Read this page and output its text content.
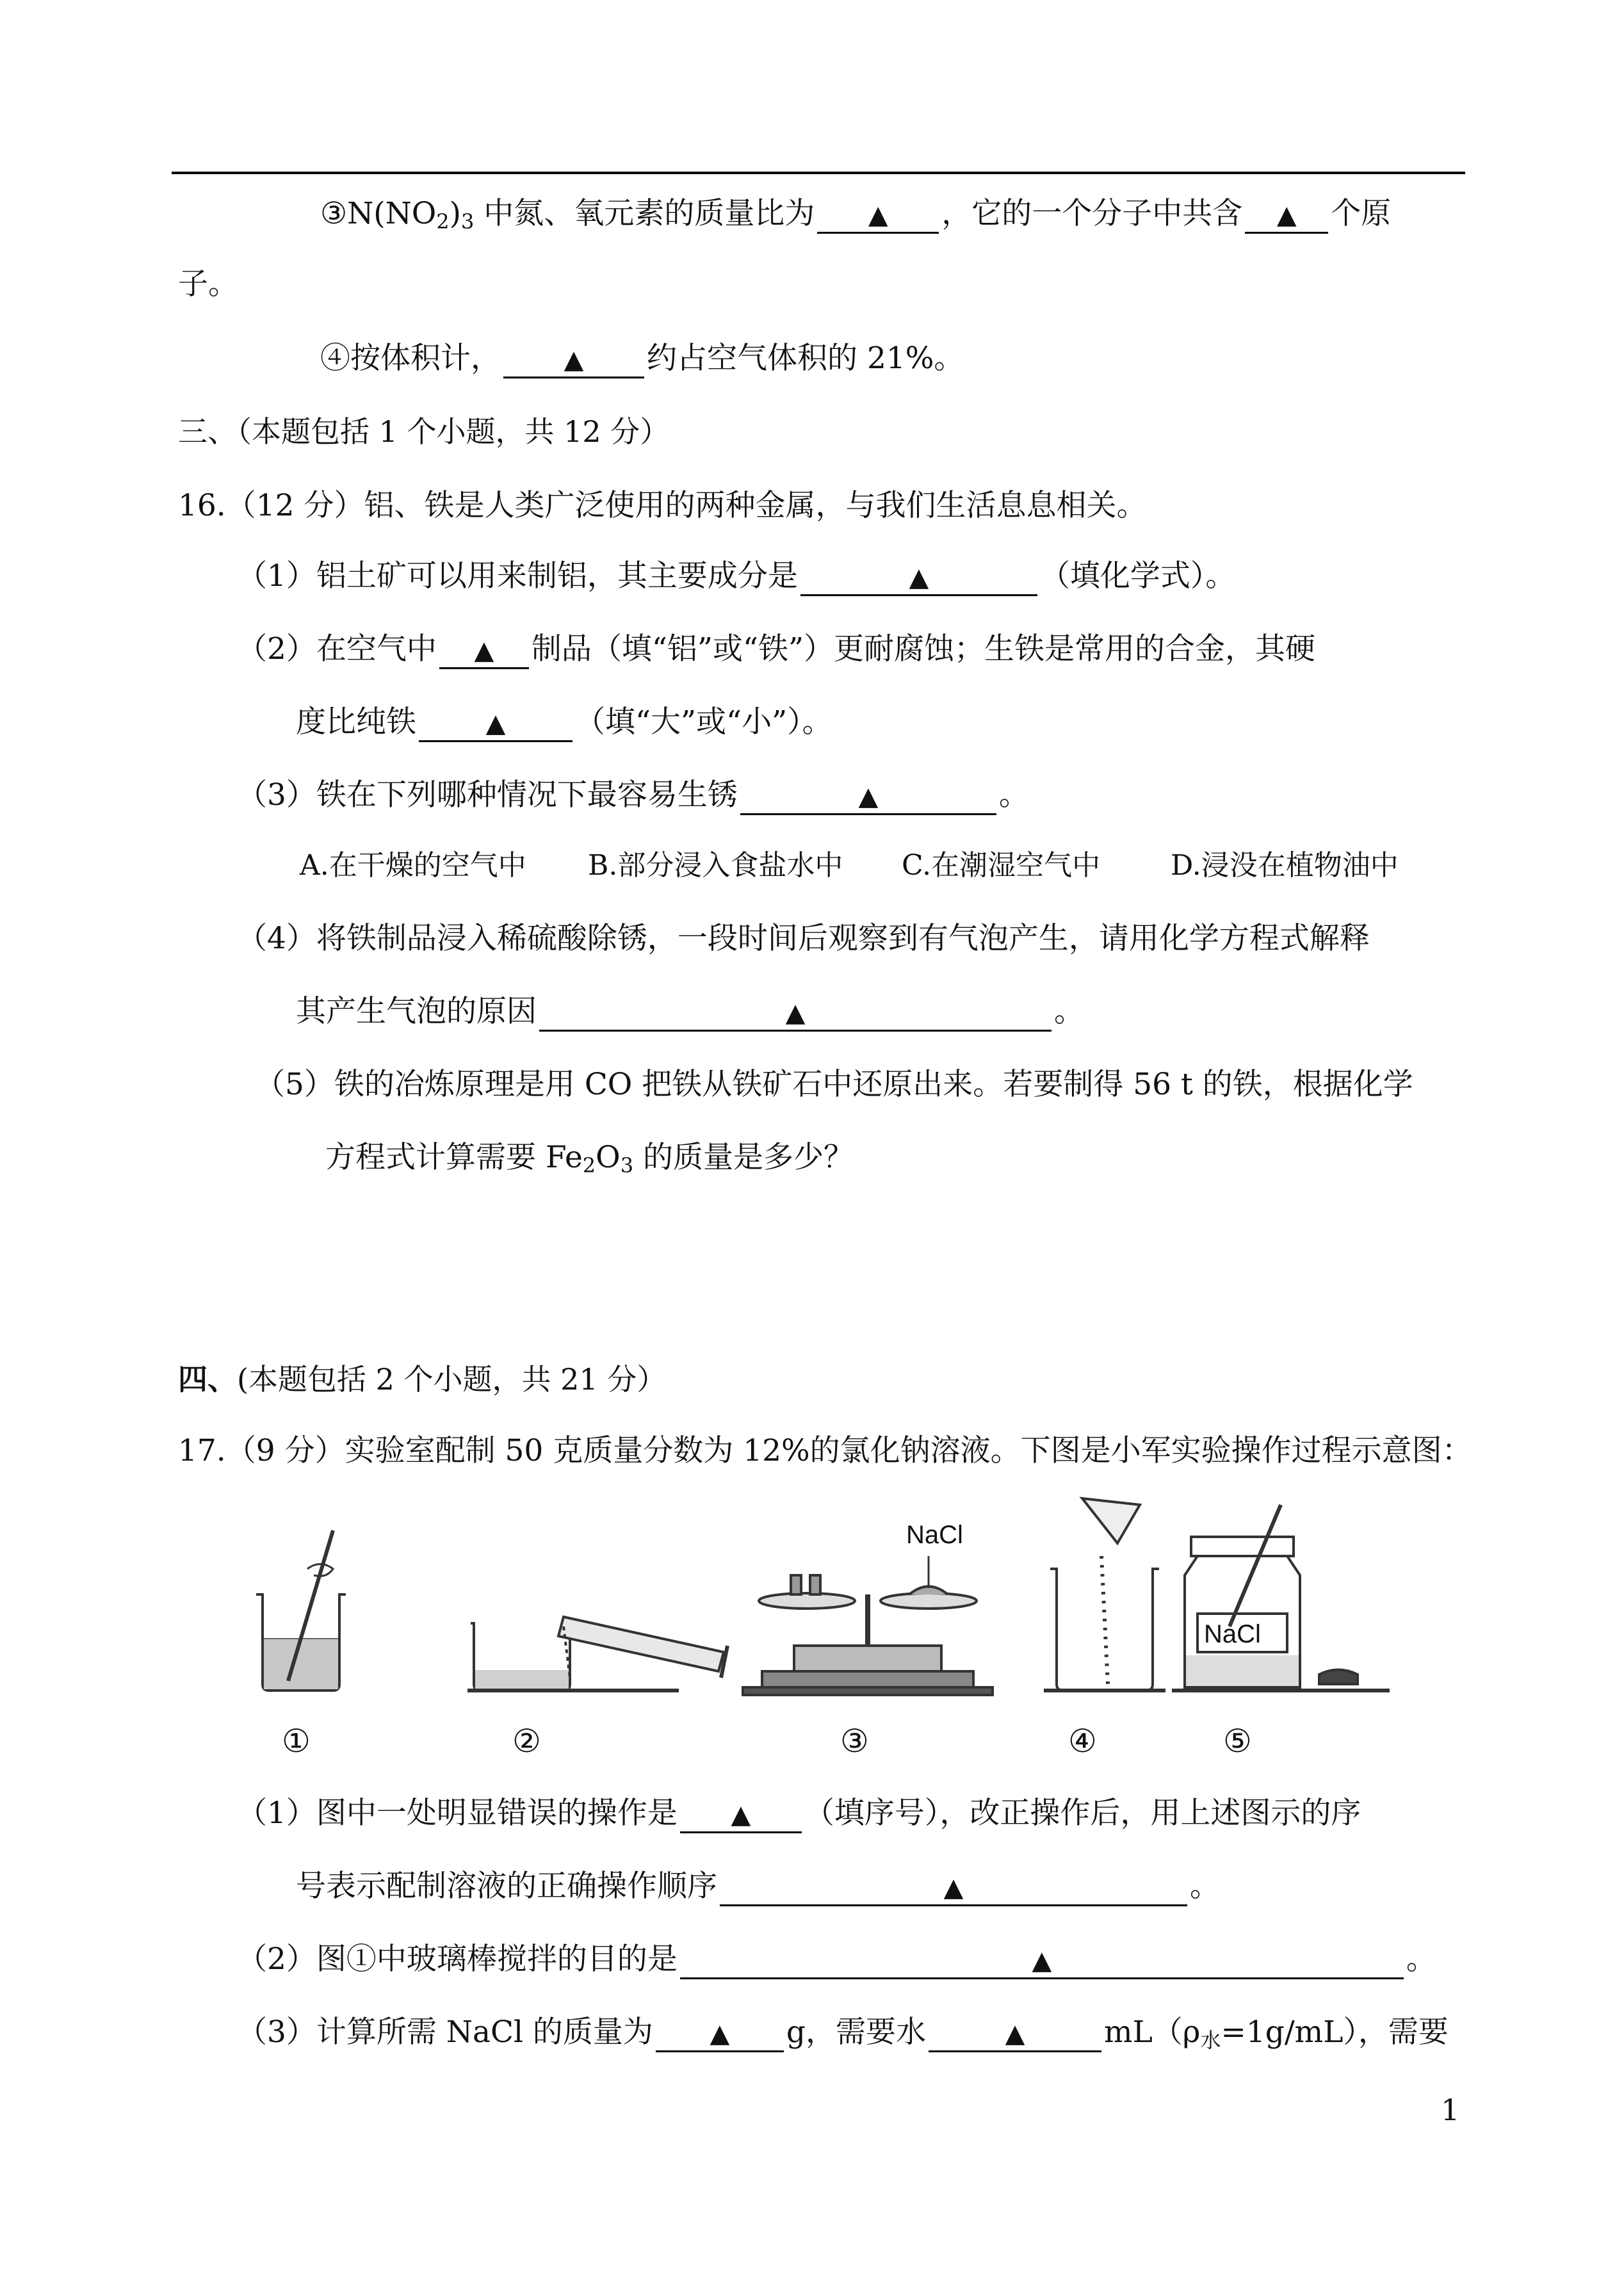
$③N(NO_2)_3$ 中氮、氧元素的质量比为 ▲ ，它的一个分子中共含 ▲ 个原
子。
④按体积计， ▲ 约占空气体积的 21%。
三、（本题包括 1 个小题，共 12 分）
16.（12 分）铝、铁是人类广泛使用的两种金属，与我们生活息息相关。
（1）铝土矿可以用来制铝，其主要成分是	▲	（填化学式）。
（2）在空气中 ▲ 制品（填“铝”或“铁”）更耐腐蚀；生铁是常用的合金，其硬
度比纯铁	▲ （填“大”或“小”）。
（3）铁在下列哪种情况下最容易生锈	▲	。
A.在干燥的空气中 B.部分浸入食盐水中 C.在潮湿空气中 D.浸没在植物油中
（4）将铁制品浸入稀硫酸除锈，一段时间后观察到有气泡产生，请用化学方程式解释
其产生气泡的原因	▲	。
（5）铁的冶炼原理是用 CO 把铁从铁矿石中还原出来。若要制得 56 t 的铁，根据化学
方程式计算需要 $Fe_2O_3$ 的质量是多少？
四、(本题包括 2 个小题，共 21 分）
17.（9 分）实验室配制 50 克质量分数为 12%的氯化钠溶液。下图是小军实验操作过程示意图：
NaCl
NaCl
①	②	③	④	⑤
（1）图中一处明显错误的操作是 ▲ （填序号），改正操作后，用上述图示的序
号表示配制溶液的正确操作顺序	▲	。
（2）图①中玻璃棒搅拌的目的是	▲	。
（3）计算所需 NaCl 的质量为 ▲ g，需要水	▲	$mL(\rho_水=1g/mL)$，需要
1
